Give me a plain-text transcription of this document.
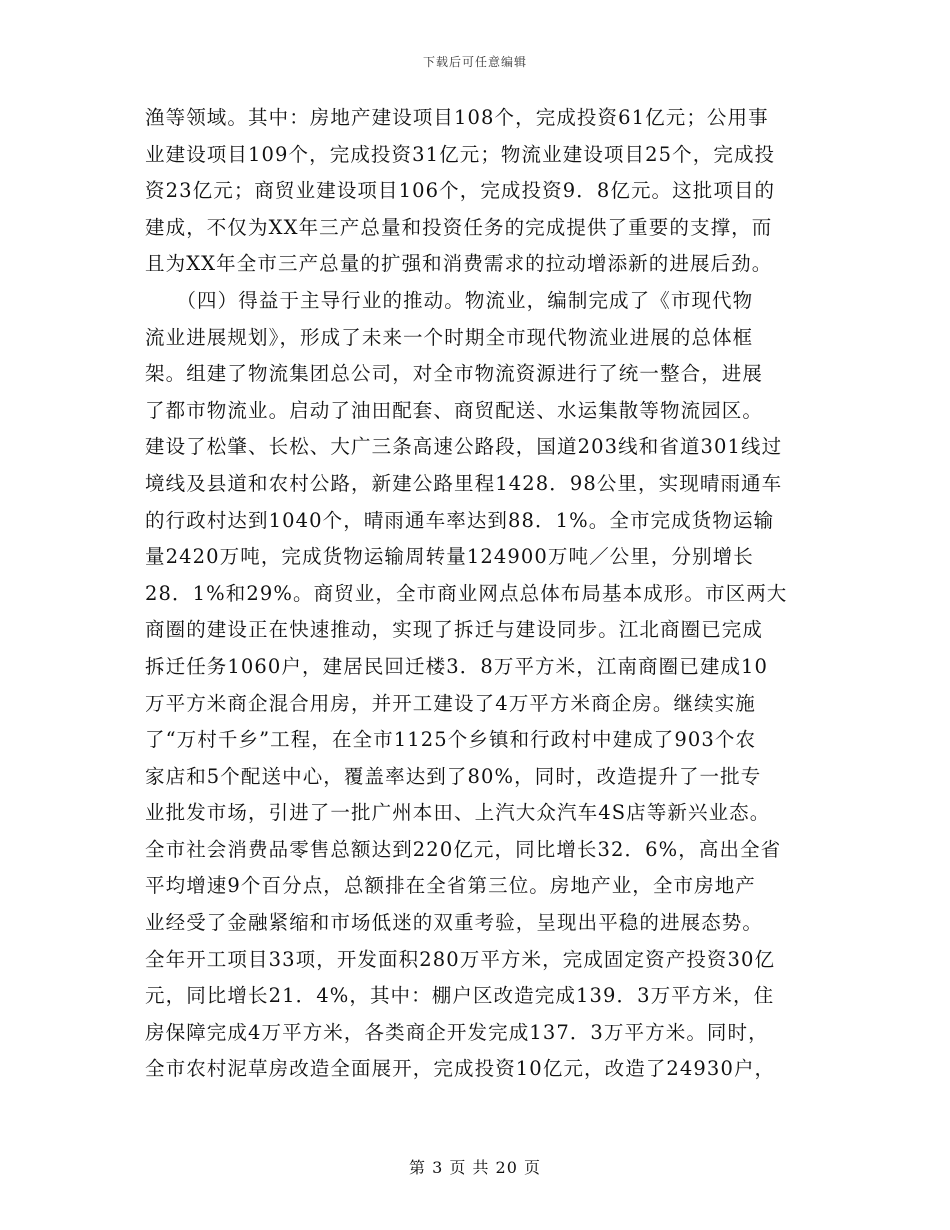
下载后可任意编辑
渔等领域。其中：房地产建设项目108个，完成投资61亿元；公用事
业建设项目109个，完成投资31亿元；物流业建设项目25个，完成投
资23亿元；商贸业建设项目106个，完成投资9．8亿元。这批项目的
建成，不仅为XX年三产总量和投资任务的完成提供了重要的支撑，而
且为XX年全市三产总量的扩强和消费需求的拉动增添新的进展后劲。
　　（四）得益于主导行业的推动。物流业，编制完成了《市现代物
流业进展规划》，形成了未来一个时期全市现代物流业进展的总体框
架。组建了物流集团总公司，对全市物流资源进行了统一整合，进展
了都市物流业。启动了油田配套、商贸配送、水运集散等物流园区。
建设了松肇、长松、大广三条高速公路段，国道203线和省道301线过
境线及县道和农村公路，新建公路里程1428．98公里，实现晴雨通车
的行政村达到1040个，晴雨通车率达到88．1%。全市完成货物运输
量2420万吨，完成货物运输周转量124900万吨／公里，分别增长
28．1%和29%。商贸业，全市商业网点总体布局基本成形。市区两大
商圈的建设正在快速推动，实现了拆迁与建设同步。江北商圈已完成
拆迁任务1060户，建居民回迁楼3．8万平方米，江南商圈已建成10
万平方米商企混合用房，并开工建设了4万平方米商企房。继续实施
了“万村千乡”工程，在全市1125个乡镇和行政村中建成了903个农
家店和5个配送中心，覆盖率达到了80%，同时，改造提升了一批专
业批发市场，引进了一批广州本田、上汽大众汽车4S店等新兴业态。
全市社会消费品零售总额达到220亿元，同比增长32．6%，高出全省
平均增速9个百分点，总额排在全省第三位。房地产业，全市房地产
业经受了金融紧缩和市场低迷的双重考验，呈现出平稳的进展态势。
全年开工项目33项，开发面积280万平方米，完成固定资产投资30亿
元，同比增长21．4%，其中：棚户区改造完成139．3万平方米，住
房保障完成4万平方米，各类商企开发完成137．3万平方米。同时，
全市农村泥草房改造全面展开，完成投资10亿元，改造了24930户，
第 3 页 共 20 页
